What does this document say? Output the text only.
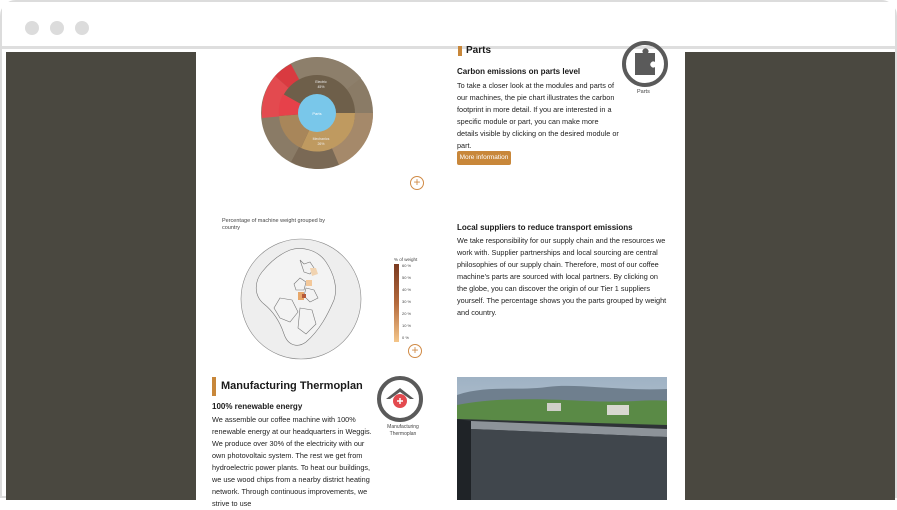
Parts
Electric
45%
Mechanics
26%
+
Parts
Carbon emissions on parts level
To take a closer look at the modules and parts of our machines, the pie chart illustrates the carbon footprint in more detail. If you are interested in a specific module or part, you can make more details visible by clicking on the desired module or part.
More information
Parts
Percentage of machine weight grouped by country
% of weight
60 %
50 %
40 %
30 %
20 %
10 %
0 %
+
Local suppliers to reduce transport emissions
We take responsibility for our supply chain and the resources we work with. Supplier partnerships and local sourcing are central philosophies of our supply chain. Therefore, most of our coffee machine's parts are sourced with local partners. By clicking on the globe, you can discover the origin of our Tier 1 suppliers yourself. The percentage shows you the parts grouped by weight and country.
Manufacturing Thermoplan
100% renewable energy
We assemble our coffee machine with 100% renewable energy at our headquarters in Weggis. We produce over 30% of the electricity with our own photovoltaic system. The rest we get from hydroelectric power plants. To heat our buildings, we use wood chips from a nearby district heating network. Through continuous improvements, we strive to use
Manufacturing Thermoplan
